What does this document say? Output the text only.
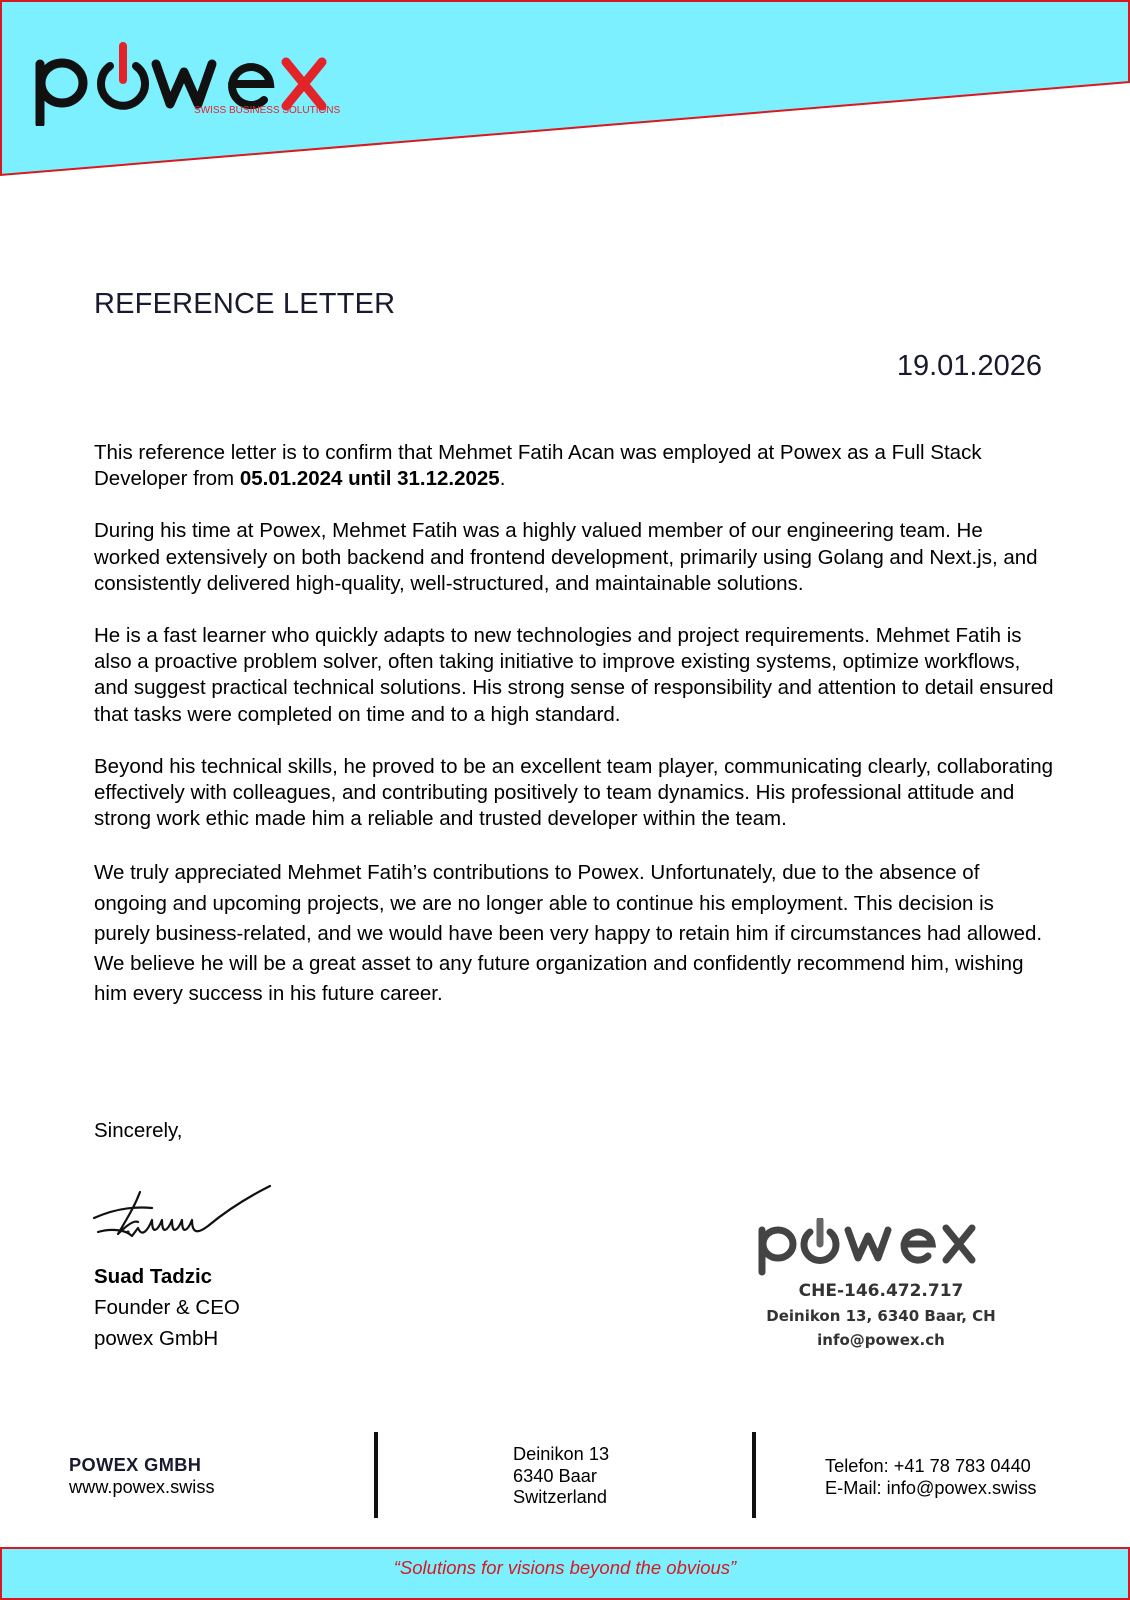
SWISS BUSINESS SOLUTIONS
REFERENCE LETTER
19.01.2026

This reference letter is to confirm that Mehmet Fatih Acan was employed at Powex as a Full Stack Developer from 05.01.2024 until 31.12.2025.

During his time at Powex, Mehmet Fatih was a highly valued member of our engineering team. He worked extensively on both backend and frontend development, primarily using Golang and Next.js, and consistently delivered high-quality, well-structured, and maintainable solutions.

He is a fast learner who quickly adapts to new technologies and project requirements. Mehmet Fatih is also a proactive problem solver, often taking initiative to improve existing systems, optimize workflows, and suggest practical technical solutions. His strong sense of responsibility and attention to detail ensured that tasks were completed on time and to a high standard.

Beyond his technical skills, he proved to be an excellent team player, communicating clearly, collaborating effectively with colleagues, and contributing positively to team dynamics. His professional attitude and strong work ethic made him a reliable and trusted developer within the team.

We truly appreciated Mehmet Fatih’s contributions to Powex. Unfortunately, due to the absence of ongoing and upcoming projects, we are no longer able to continue his employment. This decision is purely business-related, and we would have been very happy to retain him if circumstances had allowed. We believe he will be a great asset to any future organization and confidently recommend him, wishing him every success in his future career.

Sincerely,
Suad Tadzic
Founder & CEO
powex GmbH
CHE-146.472.717
Deinikon 13, 6340 Baar, CH
info@powex.ch
POWEX GMBH
www.powex.swiss
Deinikon 13
6340 Baar
Switzerland
Telefon: +41 78 783 0440
E-Mail: info@powex.swiss
“Solutions for visions beyond the obvious”
